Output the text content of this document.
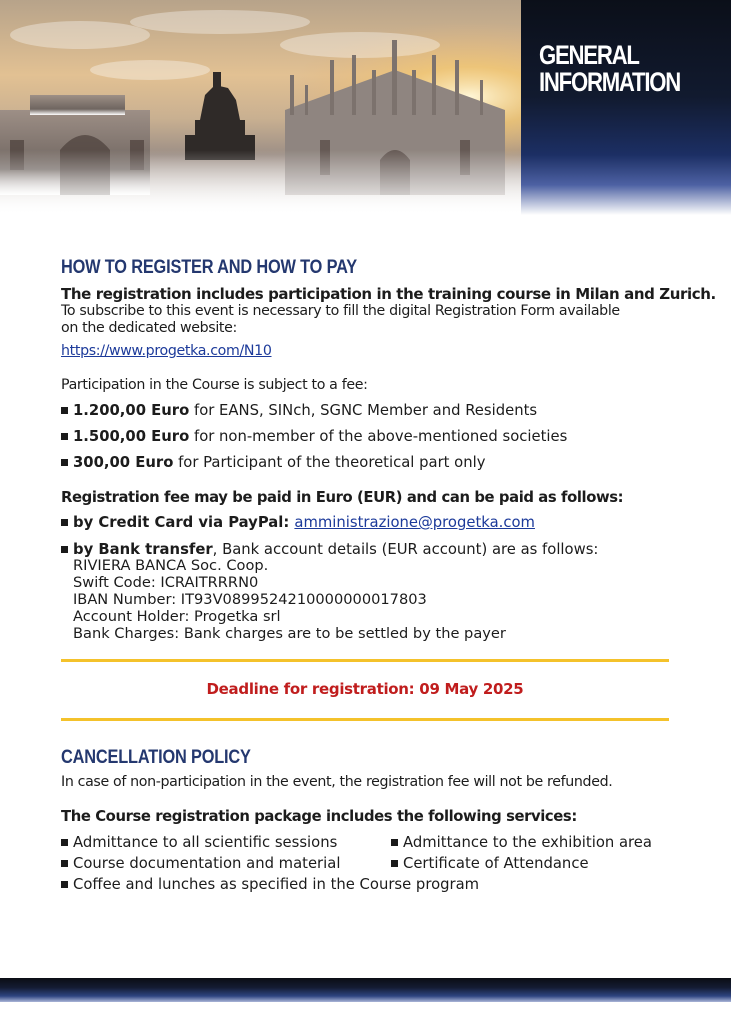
GENERAL
INFORMATION
HOW TO REGISTER AND HOW TO PAY
The registration includes participation in the training course in Milan and Zurich.
To subscribe to this event is necessary to fill the digital Registration Form available
on the dedicated website:
https://www.progetka.com/N10
Participation in the Course is subject to a fee:
1.200,00 Euro for EANS, SINch, SGNC Member and Residents
1.500,00 Euro for non-member of the above-mentioned societies
300,00 Euro for Participant of the theoretical part only
Registration fee may be paid in Euro (EUR) and can be paid as follows:
by Credit Card via PayPal: amministrazione@progetka.com
by Bank transfer, Bank account details (EUR account) are as follows:
RIVIERA BANCA Soc. Coop.
Swift Code: ICRAITRRRN0
IBAN Number: IT93V0899524210000000017803
Account Holder: Progetka srl
Bank Charges: Bank charges are to be settled by the payer
Deadline for registration: 09 May 2025
CANCELLATION POLICY
In case of non-participation in the event, the registration fee will not be refunded.
The Course registration package includes the following services:
Admittance to all scientific sessions	Admittance to the exhibition area
Course documentation and material	Certificate of Attendance
Coffee and lunches as specified in the Course program
